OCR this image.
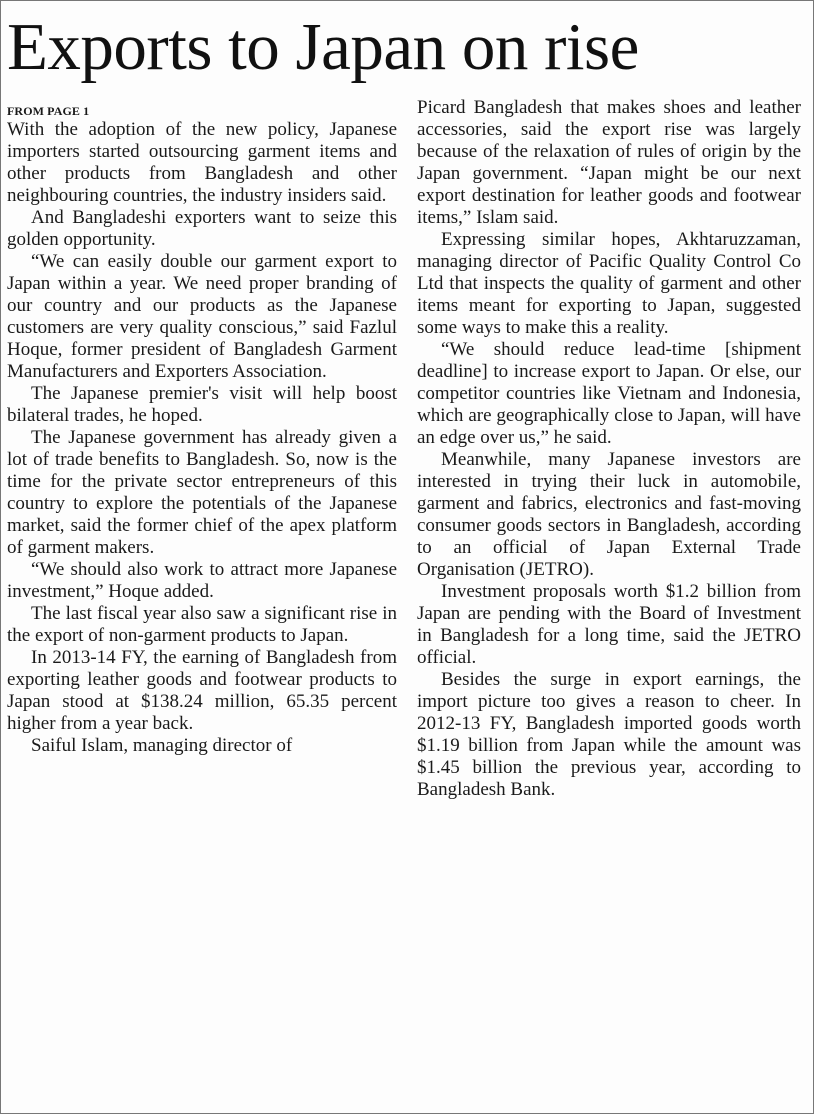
Exports to Japan on rise
FROM PAGE 1

With the adoption of the new policy, Japanese importers started outsourcing garment items and other products from Bangladesh and other neighbouring countries, the industry insiders said.

And Bangladeshi exporters want to seize this golden opportunity.

“We can easily double our garment export to Japan within a year. We need proper branding of our country and our products as the Japanese customers are very quality conscious,” said Fazlul Hoque, former president of Bangladesh Garment Manufacturers and Exporters Association.

The Japanese premier's visit will help boost bilateral trades, he hoped.

The Japanese government has already given a lot of trade benefits to Bangladesh. So, now is the time for the private sector entrepreneurs of this country to explore the potentials of the Japanese market, said the former chief of the apex platform of garment makers.

“We should also work to attract more Japanese investment,” Hoque added.

The last fiscal year also saw a significant rise in the export of non-garment products to Japan.

In 2013-14 FY, the earning of Bangladesh from exporting leather goods and footwear products to Japan stood at $138.24 million, 65.35 percent higher from a year back.

Saiful Islam, managing director of

Picard Bangladesh that makes shoes and leather accessories, said the export rise was largely because of the relaxation of rules of origin by the Japan government. “Japan might be our next export destination for leather goods and footwear items,” Islam said.

Expressing similar hopes, Akhtaruzzaman, managing director of Pacific Quality Control Co Ltd that inspects the quality of garment and other items meant for exporting to Japan, suggested some ways to make this a reality.

“We should reduce lead-time [shipment deadline] to increase export to Japan. Or else, our competitor countries like Vietnam and Indonesia, which are geographically close to Japan, will have an edge over us,” he said.

Meanwhile, many Japanese investors are interested in trying their luck in automobile, garment and fabrics, electronics and fast-moving consumer goods sectors in Bangladesh, according to an official of Japan External Trade Organisation (JETRO).

Investment proposals worth $1.2 billion from Japan are pending with the Board of Investment in Bangladesh for a long time, said the JETRO official.

Besides the surge in export earnings, the import picture too gives a reason to cheer. In 2012-13 FY, Bangladesh imported goods worth $1.19 billion from Japan while the amount was $1.45 billion the previous year, according to Bangladesh Bank.
